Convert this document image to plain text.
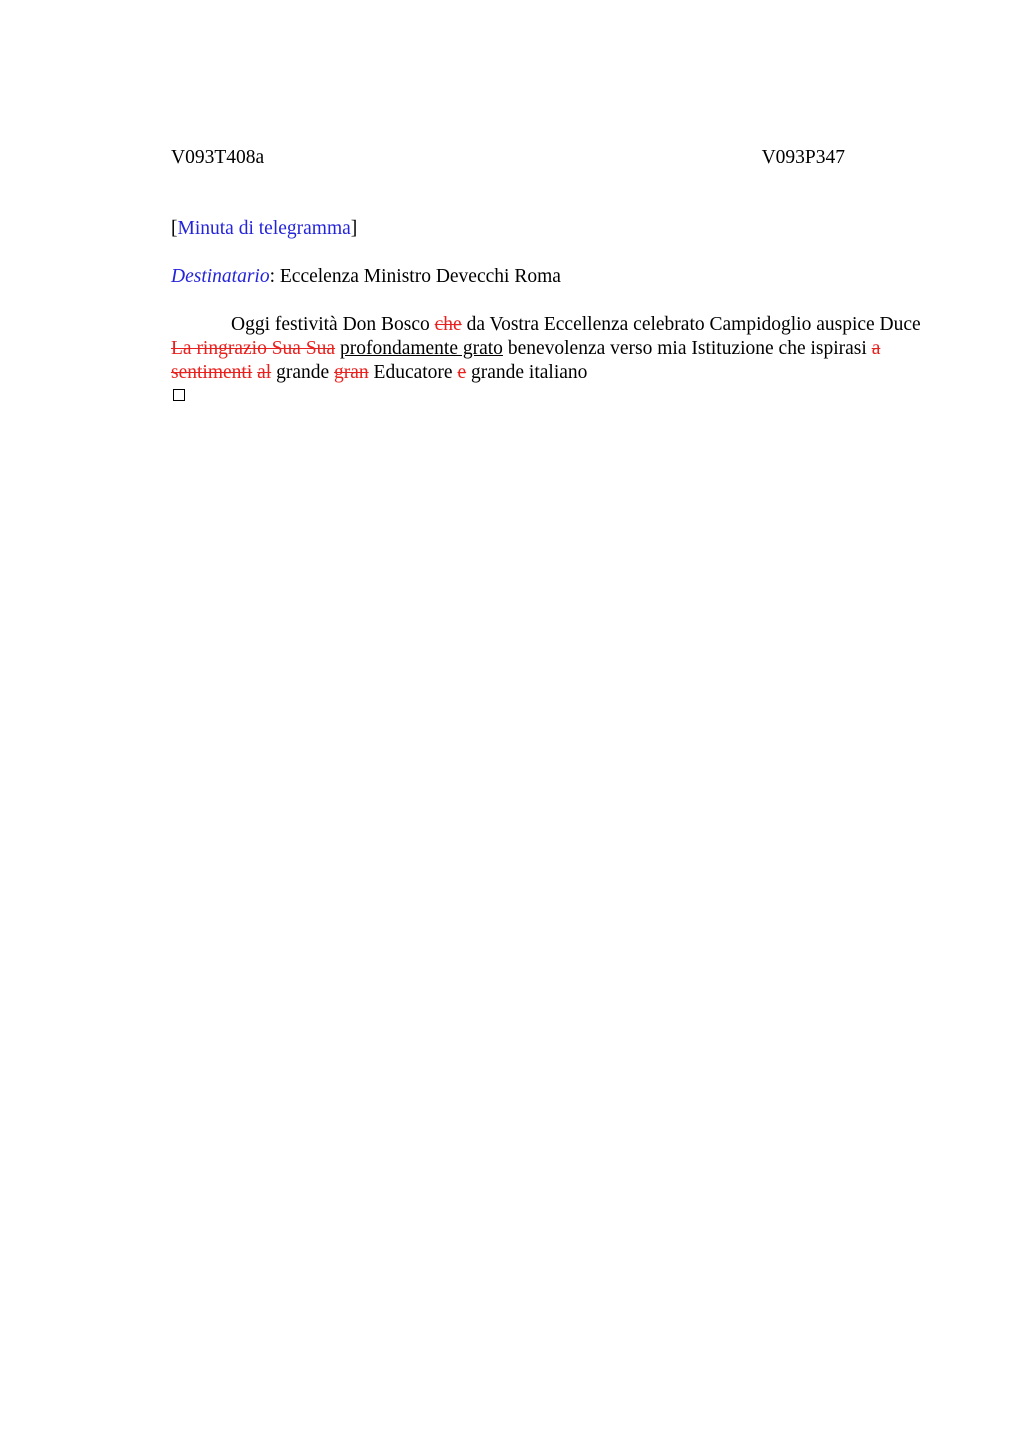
V093T408a	V093P347
[Minuta di telegramma]
Destinatario: Eccelenza Ministro Devecchi Roma

Oggi festività Don Bosco che da Vostra Eccellenza celebrato Campidoglio auspice Duce La ringrazio Sua Sua profondamente grato benevolenza verso mia Istituzione che ispirasi a sentimenti al grande gran Educatore e grande italiano
